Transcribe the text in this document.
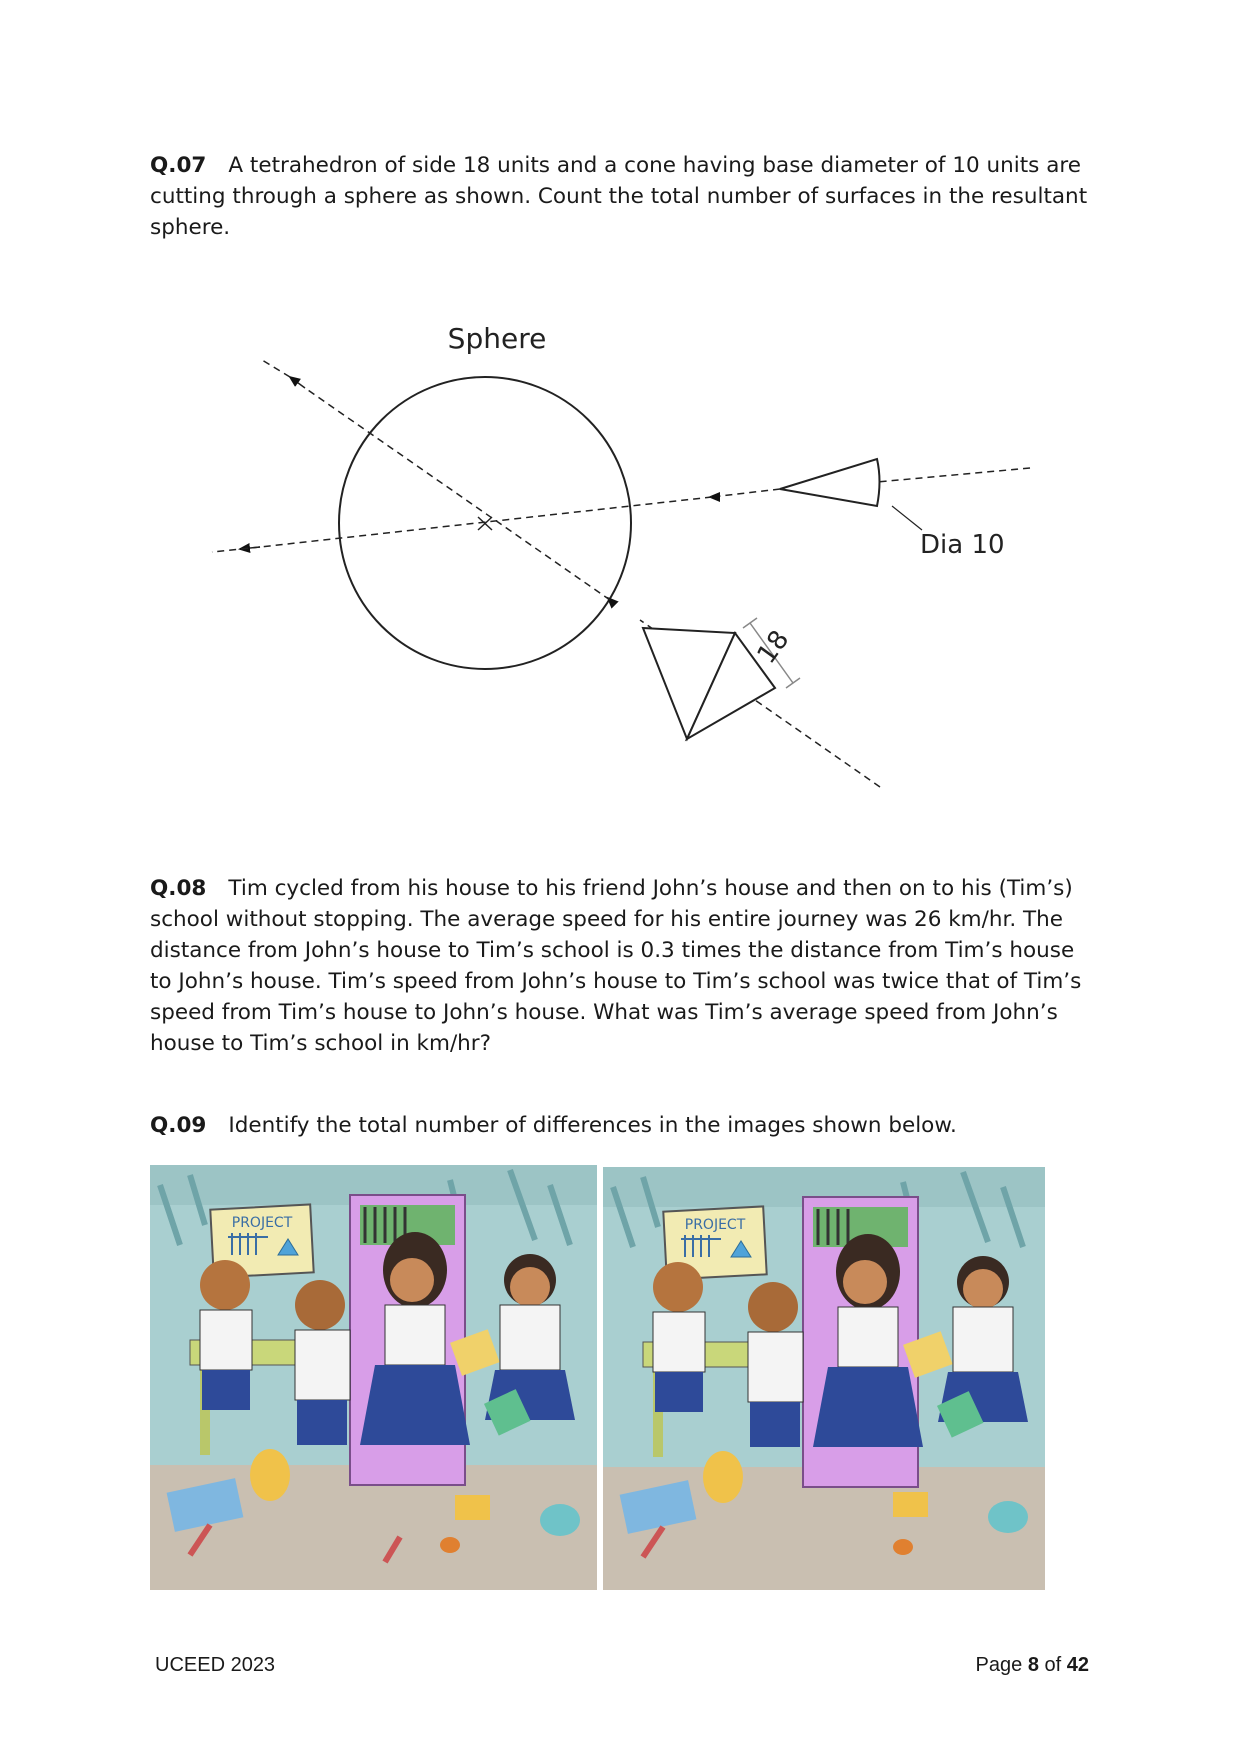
Q.07 A tetrahedron of side 18 units and a cone having base diameter of 10 units are cutting through a sphere as shown. Count the total number of surfaces in the resultant sphere.
Sphere
Dia 10
18
Q.08 Tim cycled from his house to his friend John’s house and then on to his (Tim’s) school without stopping. The average speed for his entire journey was 26 km/hr. The distance from John’s house to Tim’s school is 0.3 times the distance from Tim’s house to John’s house. Tim’s speed from John’s house to Tim’s school was twice that of Tim’s speed from Tim’s house to John’s house. What was Tim’s average speed from John’s house to Tim’s school in km/hr?
Q.09 Identify the total number of differences in the images shown below.
PROJECT	PROJECT
UCEED 2023	Page 8 of 42
